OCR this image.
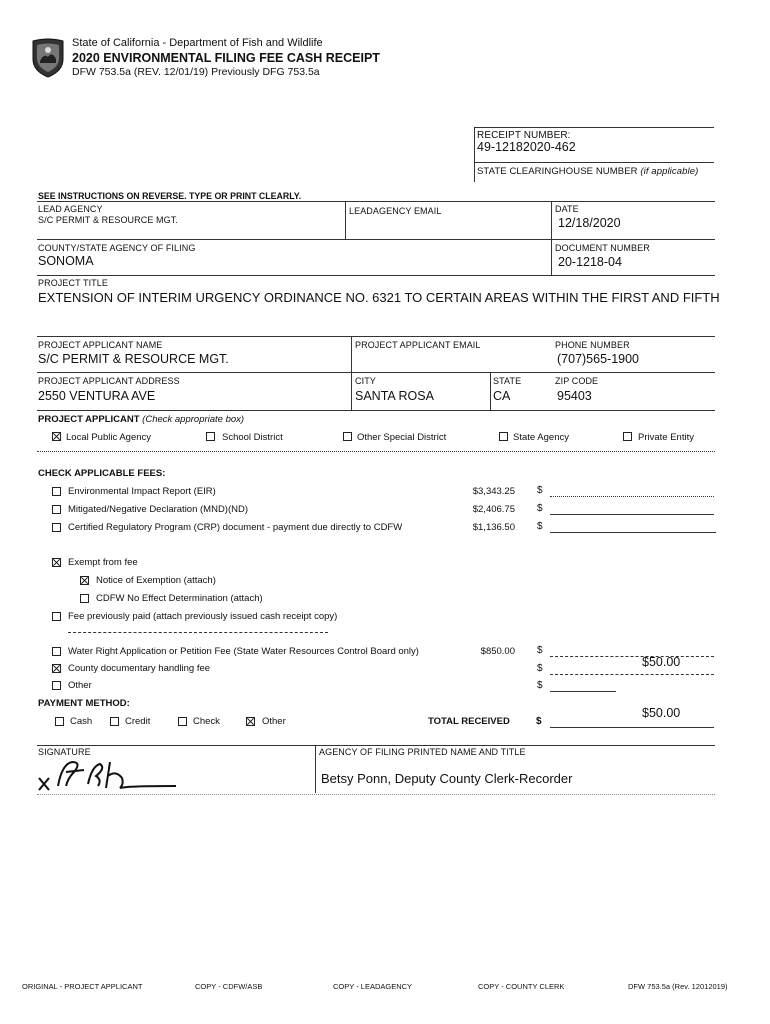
State of California - Department of Fish and Wildlife
2020 ENVIRONMENTAL FILING FEE CASH RECEIPT
DFW 753.5a (REV. 12/01/19) Previously DFG 753.5a
RECEIPT NUMBER:
49-12182020-462
STATE CLEARINGHOUSE NUMBER (if applicable)
SEE INSTRUCTIONS ON REVERSE. TYPE OR PRINT CLEARLY.
LEAD AGENCY
S/C PERMIT & RESOURCE MGT.
LEADAGENCY EMAIL	DATE
12/18/2020
COUNTY/STATE AGENCY OF FILING
SONOMA
DOCUMENT NUMBER
20-1218-04
PROJECT TITLE
EXTENSION OF INTERIM URGENCY ORDINANCE NO. 6321 TO CERTAIN AREAS WITHIN THE FIRST AND FIFTH
PROJECT APPLICANT NAME
S/C PERMIT & RESOURCE MGT.
PROJECT APPLICANT EMAIL	PHONE NUMBER
(707)565-1900
PROJECT APPLICANT ADDRESS
2550 VENTURA AVE
CITY
SANTA ROSA
STATE
CA
ZIP CODE
95403
PROJECT APPLICANT (Check appropriate box)
Local Public Agency	School District	Other Special District	State Agency	Private Entity
CHECK APPLICABLE FEES:
Environmental Impact Report (EIR)	$3,343.25 $
Mitigated/Negative Declaration (MND)(ND)	$2,406.75 $
Certified Regulatory Program (CRP) document - payment due directly to CDFW	$1,136.50 $
Exempt from fee
Notice of Exemption (attach)
CDFW No Effect Determination (attach)
Fee previously paid (attach previously issued cash receipt copy)
Water Right Application or Petition Fee (State Water Resources Control Board only)	$850.00 $
County documentary handling fee	$	$50.00
Other	$
PAYMENT METHOD:
Cash	Credit	Check	Other	TOTAL RECEIVED	$
$50.00
SIGNATURE	AGENCY OF FILING PRINTED NAME AND TITLE
Betsy Ponn, Deputy County Clerk-Recorder
ORIGINAL - PROJECT APPLICANT	COPY - CDFW/ASB	COPY - LEADAGENCY	COPY - COUNTY CLERK	DFW 753.5a (Rev. 12012019)
